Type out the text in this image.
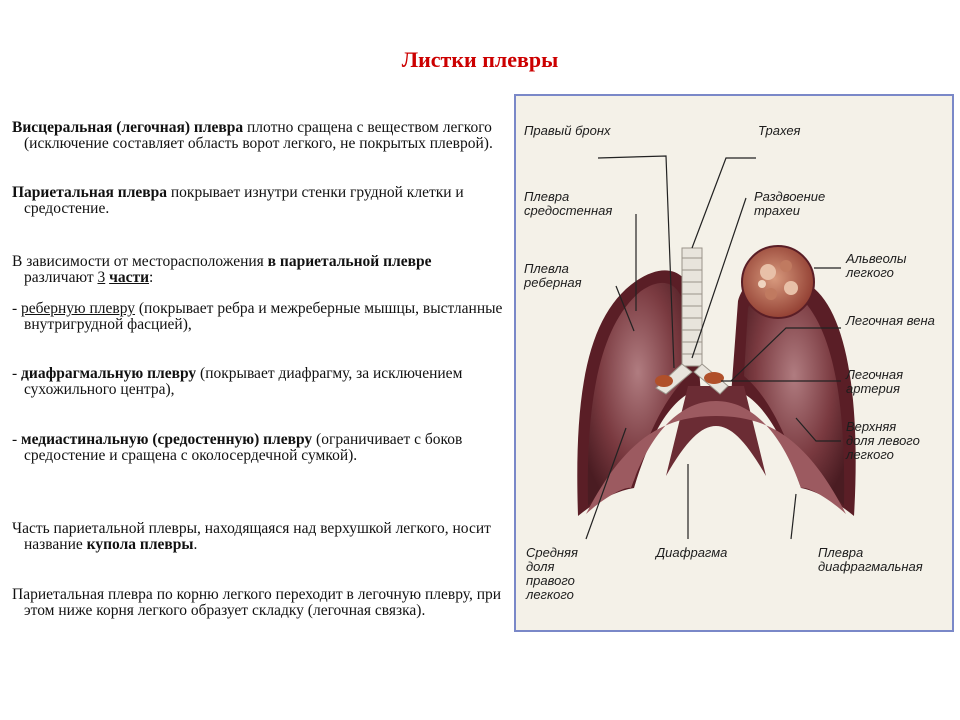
Листки плевры

Висцеральная (легочная) плевра плотно сращена с веществом легкого (исключение составляет область ворот легкого, не покрытых плеврой).

Париетальная плевра покрывает изнутри стенки грудной клетки и средостение.

В зависимости от месторасположения в париетальной плевре различают 3 части:

- реберную плевру (покрывает ребра и межреберные мышцы, выстланные внутригрудной фасцией),

- диафрагмальную плевру (покрывает диафрагму, за исключением сухожильного центра),

- медиастинальную (средостенную) плевру (ограничивает с боков средостение и сращена с околосердечной сумкой).

Часть париетальной плевры, находящаяся над верхушкой легкого, носит название купола плевры.

Париетальная плевра по корню легкого переходит в легочную плевру, при этом ниже корня легкого образует складку (легочная связка).

Правый бронх	Трахея
Плевра средостенная
Раздвоение трахеи
Плевла реберная
Альвеолы легкого
Легочная вена
Легочная артерия
Верхняя доля левого легкого
Средняя доля правого легкого
Диафрагма	Плевра диафрагмальная
